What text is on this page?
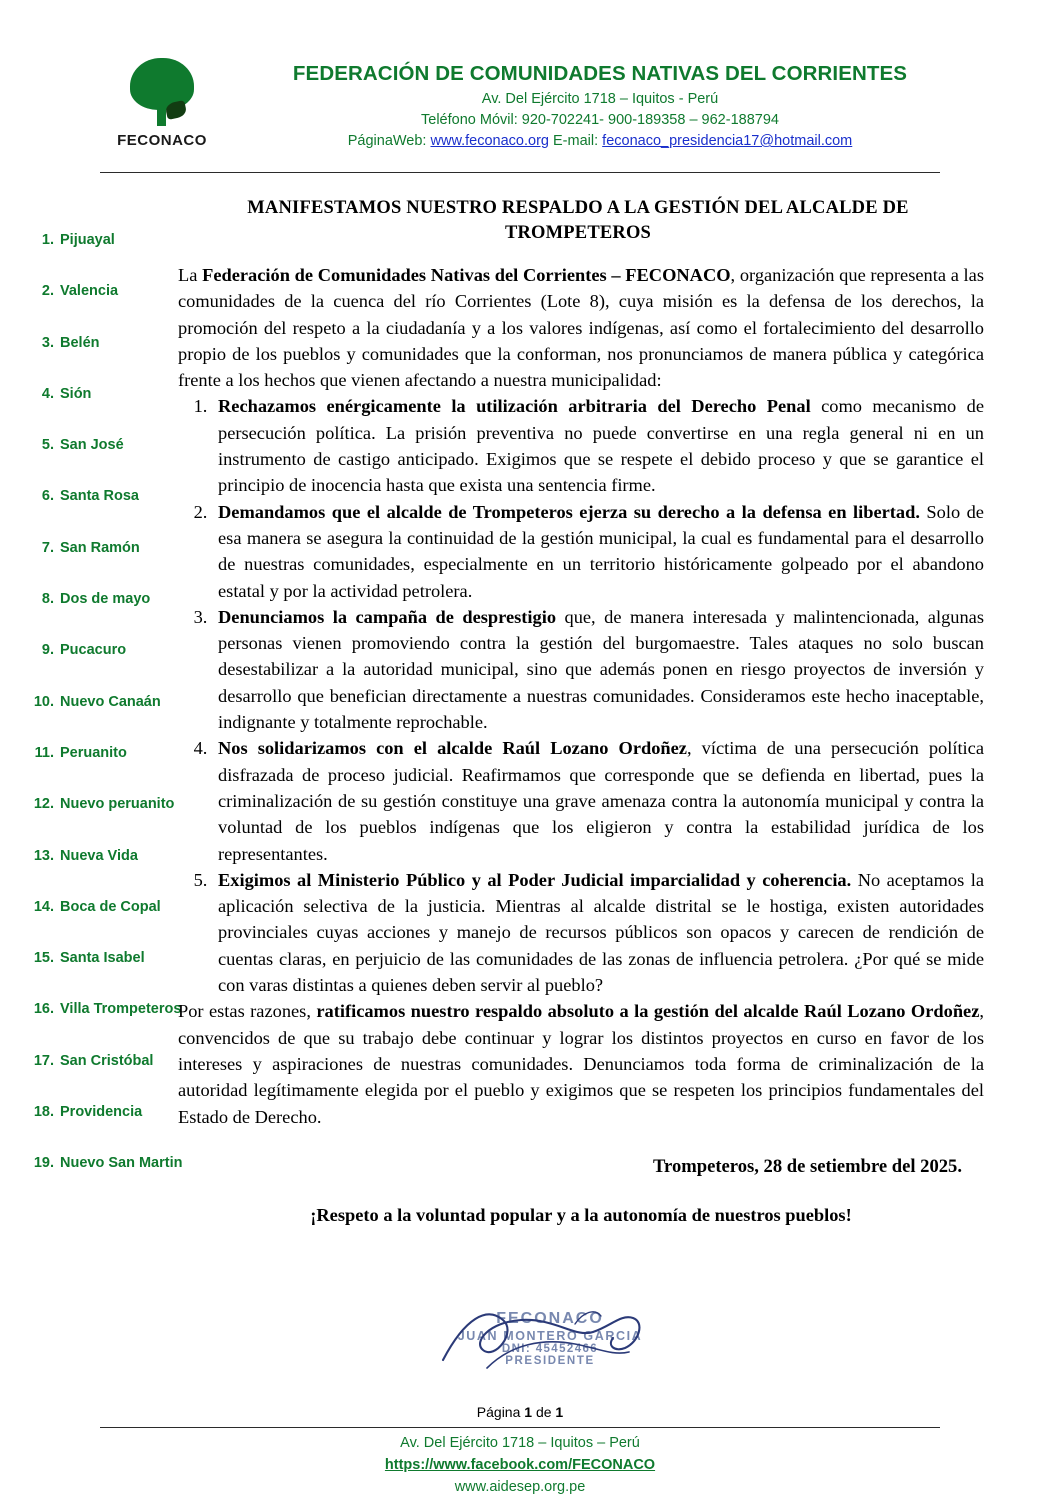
FECONACO
FEDERACIÓN DE COMUNIDADES NATIVAS DEL CORRIENTES
Av. Del Ejército 1718 – Iquitos - Perú
Teléfono Móvil: 920-702241- 900-189358 – 962-188794
PáginaWeb: www.feconaco.org E-mail: feconaco_presidencia17@hotmail.com
1. Pijuayal
2. Valencia
3. Belén
4. Sión
5. San José
6. Santa Rosa
7. San Ramón
8. Dos de mayo
9. Pucacuro
10. Nuevo Canaán
11. Peruanito
12. Nuevo peruanito
13. Nueva Vida
14. Boca de Copal
15. Santa Isabel
16. Villa Trompeteros
17. San Cristóbal
18. Providencia
19. Nuevo San Martin
MANIFESTAMOS NUESTRO RESPALDO A LA GESTIÓN DEL ALCALDE DE TROMPETEROS

La Federación de Comunidades Nativas del Corrientes – FECONACO, organización que representa a las comunidades de la cuenca del río Corrientes (Lote 8), cuya misión es la defensa de los derechos, la promoción del respeto a la ciudadanía y a los valores indígenas, así como el fortalecimiento del desarrollo propio de los pueblos y comunidades que la conforman, nos pronunciamos de manera pública y categórica frente a los hechos que vienen afectando a nuestra municipalidad:

1. Rechazamos enérgicamente la utilización arbitraria del Derecho Penal como mecanismo de persecución política. La prisión preventiva no puede convertirse en una regla general ni en un instrumento de castigo anticipado. Exigimos que se respete el debido proceso y que se garantice el principio de inocencia hasta que exista una sentencia firme.
2. Demandamos que el alcalde de Trompeteros ejerza su derecho a la defensa en libertad. Solo de esa manera se asegura la continuidad de la gestión municipal, la cual es fundamental para el desarrollo de nuestras comunidades, especialmente en un territorio históricamente golpeado por el abandono estatal y por la actividad petrolera.
3. Denunciamos la campaña de desprestigio que, de manera interesada y malintencionada, algunas personas vienen promoviendo contra la gestión del burgomaestre. Tales ataques no solo buscan desestabilizar a la autoridad municipal, sino que además ponen en riesgo proyectos de inversión y desarrollo que benefician directamente a nuestras comunidades. Consideramos este hecho inaceptable, indignante y totalmente reprochable.
4. Nos solidarizamos con el alcalde Raúl Lozano Ordoñez, víctima de una persecución política disfrazada de proceso judicial. Reafirmamos que corresponde que se defienda en libertad, pues la criminalización de su gestión constituye una grave amenaza contra la autonomía municipal y contra la voluntad de los pueblos indígenas que los eligieron y contra la estabilidad jurídica de los representantes.
5. Exigimos al Ministerio Público y al Poder Judicial imparcialidad y coherencia. No aceptamos la aplicación selectiva de la justicia. Mientras al alcalde distrital se le hostiga, existen autoridades provinciales cuyas acciones y manejo de recursos públicos son opacos y carecen de rendición de cuentas claras, en perjuicio de las comunidades de las zonas de influencia petrolera. ¿Por qué se mide con varas distintas a quienes deben servir al pueblo?

Por estas razones, ratificamos nuestro respaldo absoluto a la gestión del alcalde Raúl Lozano Ordoñez, convencidos de que su trabajo debe continuar y lograr los distintos proyectos en curso en favor de los intereses y aspiraciones de nuestras comunidades. Denunciamos toda forma de criminalización de la autoridad legítimamente elegida por el pueblo y exigimos que se respeten los principios fundamentales del Estado de Derecho.

Trompeteros, 28 de setiembre del 2025.
¡Respeto a la voluntad popular y a la autonomía de nuestros pueblos!
FECONACO
JUAN MONTERO GARCIA
DNI: 45452466
PRESIDENTE
Página 1 de 1
Av. Del Ejército 1718 – Iquitos – Perú
https://www.facebook.com/FECONACO
www.aidesep.org.pe
